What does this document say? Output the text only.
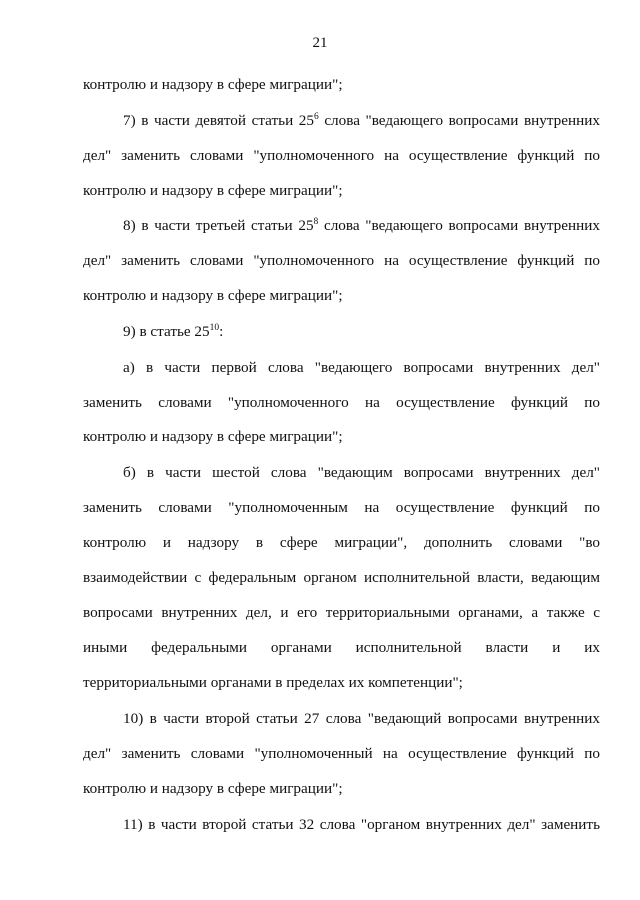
21
контролю и надзору в сфере миграции";
7) в части девятой статьи $25^6$ слова "ведающего вопросами внутренних
дел" заменить словами "уполномоченного на осуществление функций по
контролю и надзору в сфере миграции";
8) в части третьей статьи $25^8$ слова "ведающего вопросами внутренних
дел" заменить словами "уполномоченного на осуществление функций по
контролю и надзору в сфере миграции";
9) в статье $25^{10}$:
а) в части первой слова "ведающего вопросами внутренних дел"
заменить словами "уполномоченного на осуществление функций по
контролю и надзору в сфере миграции";
б) в части шестой слова "ведающим вопросами внутренних дел"
заменить словами "уполномоченным на осуществление функций по
контролю и надзору в сфере миграции", дополнить словами "во
взаимодействии с федеральным органом исполнительной власти, ведающим
вопросами внутренних дел, и его территориальными органами, а также с
иными федеральными органами исполнительной власти и их
территориальными органами в пределах их компетенции";
10) в части второй статьи 27 слова "ведающий вопросами внутренних
дел" заменить словами "уполномоченный на осуществление функций по
контролю и надзору в сфере миграции";
11) в части второй статьи 32 слова "органом внутренних дел" заменить
